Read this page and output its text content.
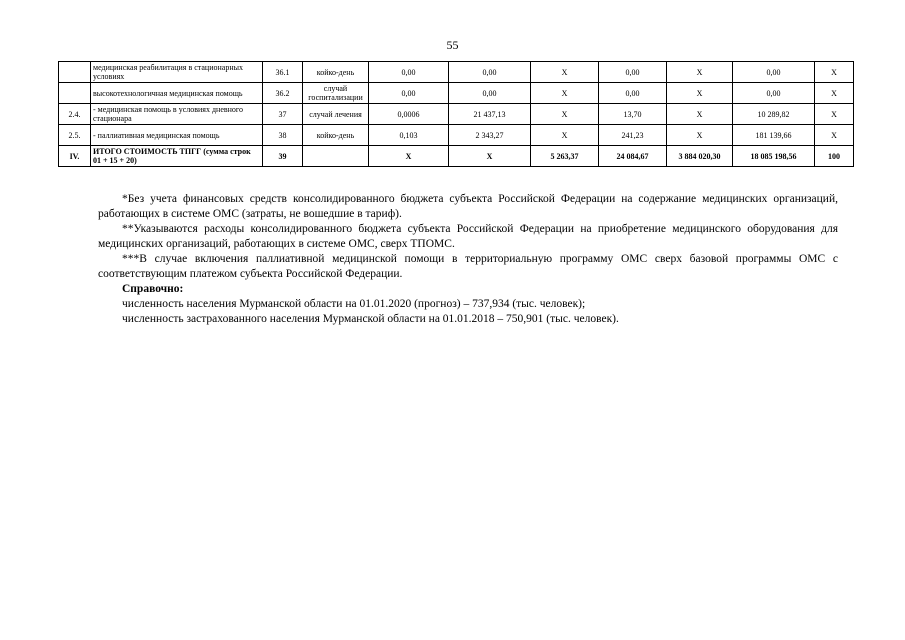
55
	медицинская реабилитация в стационарных условиях	36.1	койко-день	0,00	0,00	X	0,00	X	0,00	X
	высокотехнологичная медицинская помощь	36.2	случай госпитализации	0,00	0,00	X	0,00	X	0,00	X
2.4.	- медицинская помощь в условиях дневного стационара	37	случай лечения	0,0006	21 437,13	X	13,70	X	10 289,82	X
2.5.	- паллиативная медицинская помощь	38	койко-день	0,103	2 343,27	X	241,23	X	181 139,66	X
IV.	ИТОГО СТОИМОСТЬ ТПГГ (сумма строк 01 + 15 + 20)	39		X	X	5 263,37	24 084,67	3 884 020,30	18 085 198,56	100

*Без учета финансовых средств консолидированного бюджета субъекта Российской Федерации на содержание медицинских организаций, работающих в системе ОМС (затраты, не вошедшие в тариф).

**Указываются расходы консолидированного бюджета субъекта Российской Федерации на приобретение медицинского оборудования для медицинских организаций, работающих в системе ОМС, сверх ТПОМС.

***В случае включения паллиативной медицинской помощи в территориальную программу ОМС сверх базовой программы ОМС с соответствующим платежом субъекта Российской Федерации.

Справочно:

численность населения Мурманской области на 01.01.2020 (прогноз) – 737,934 (тыс. человек);

численность застрахованного населения Мурманской области на 01.01.2018 – 750,901 (тыс. человек).
